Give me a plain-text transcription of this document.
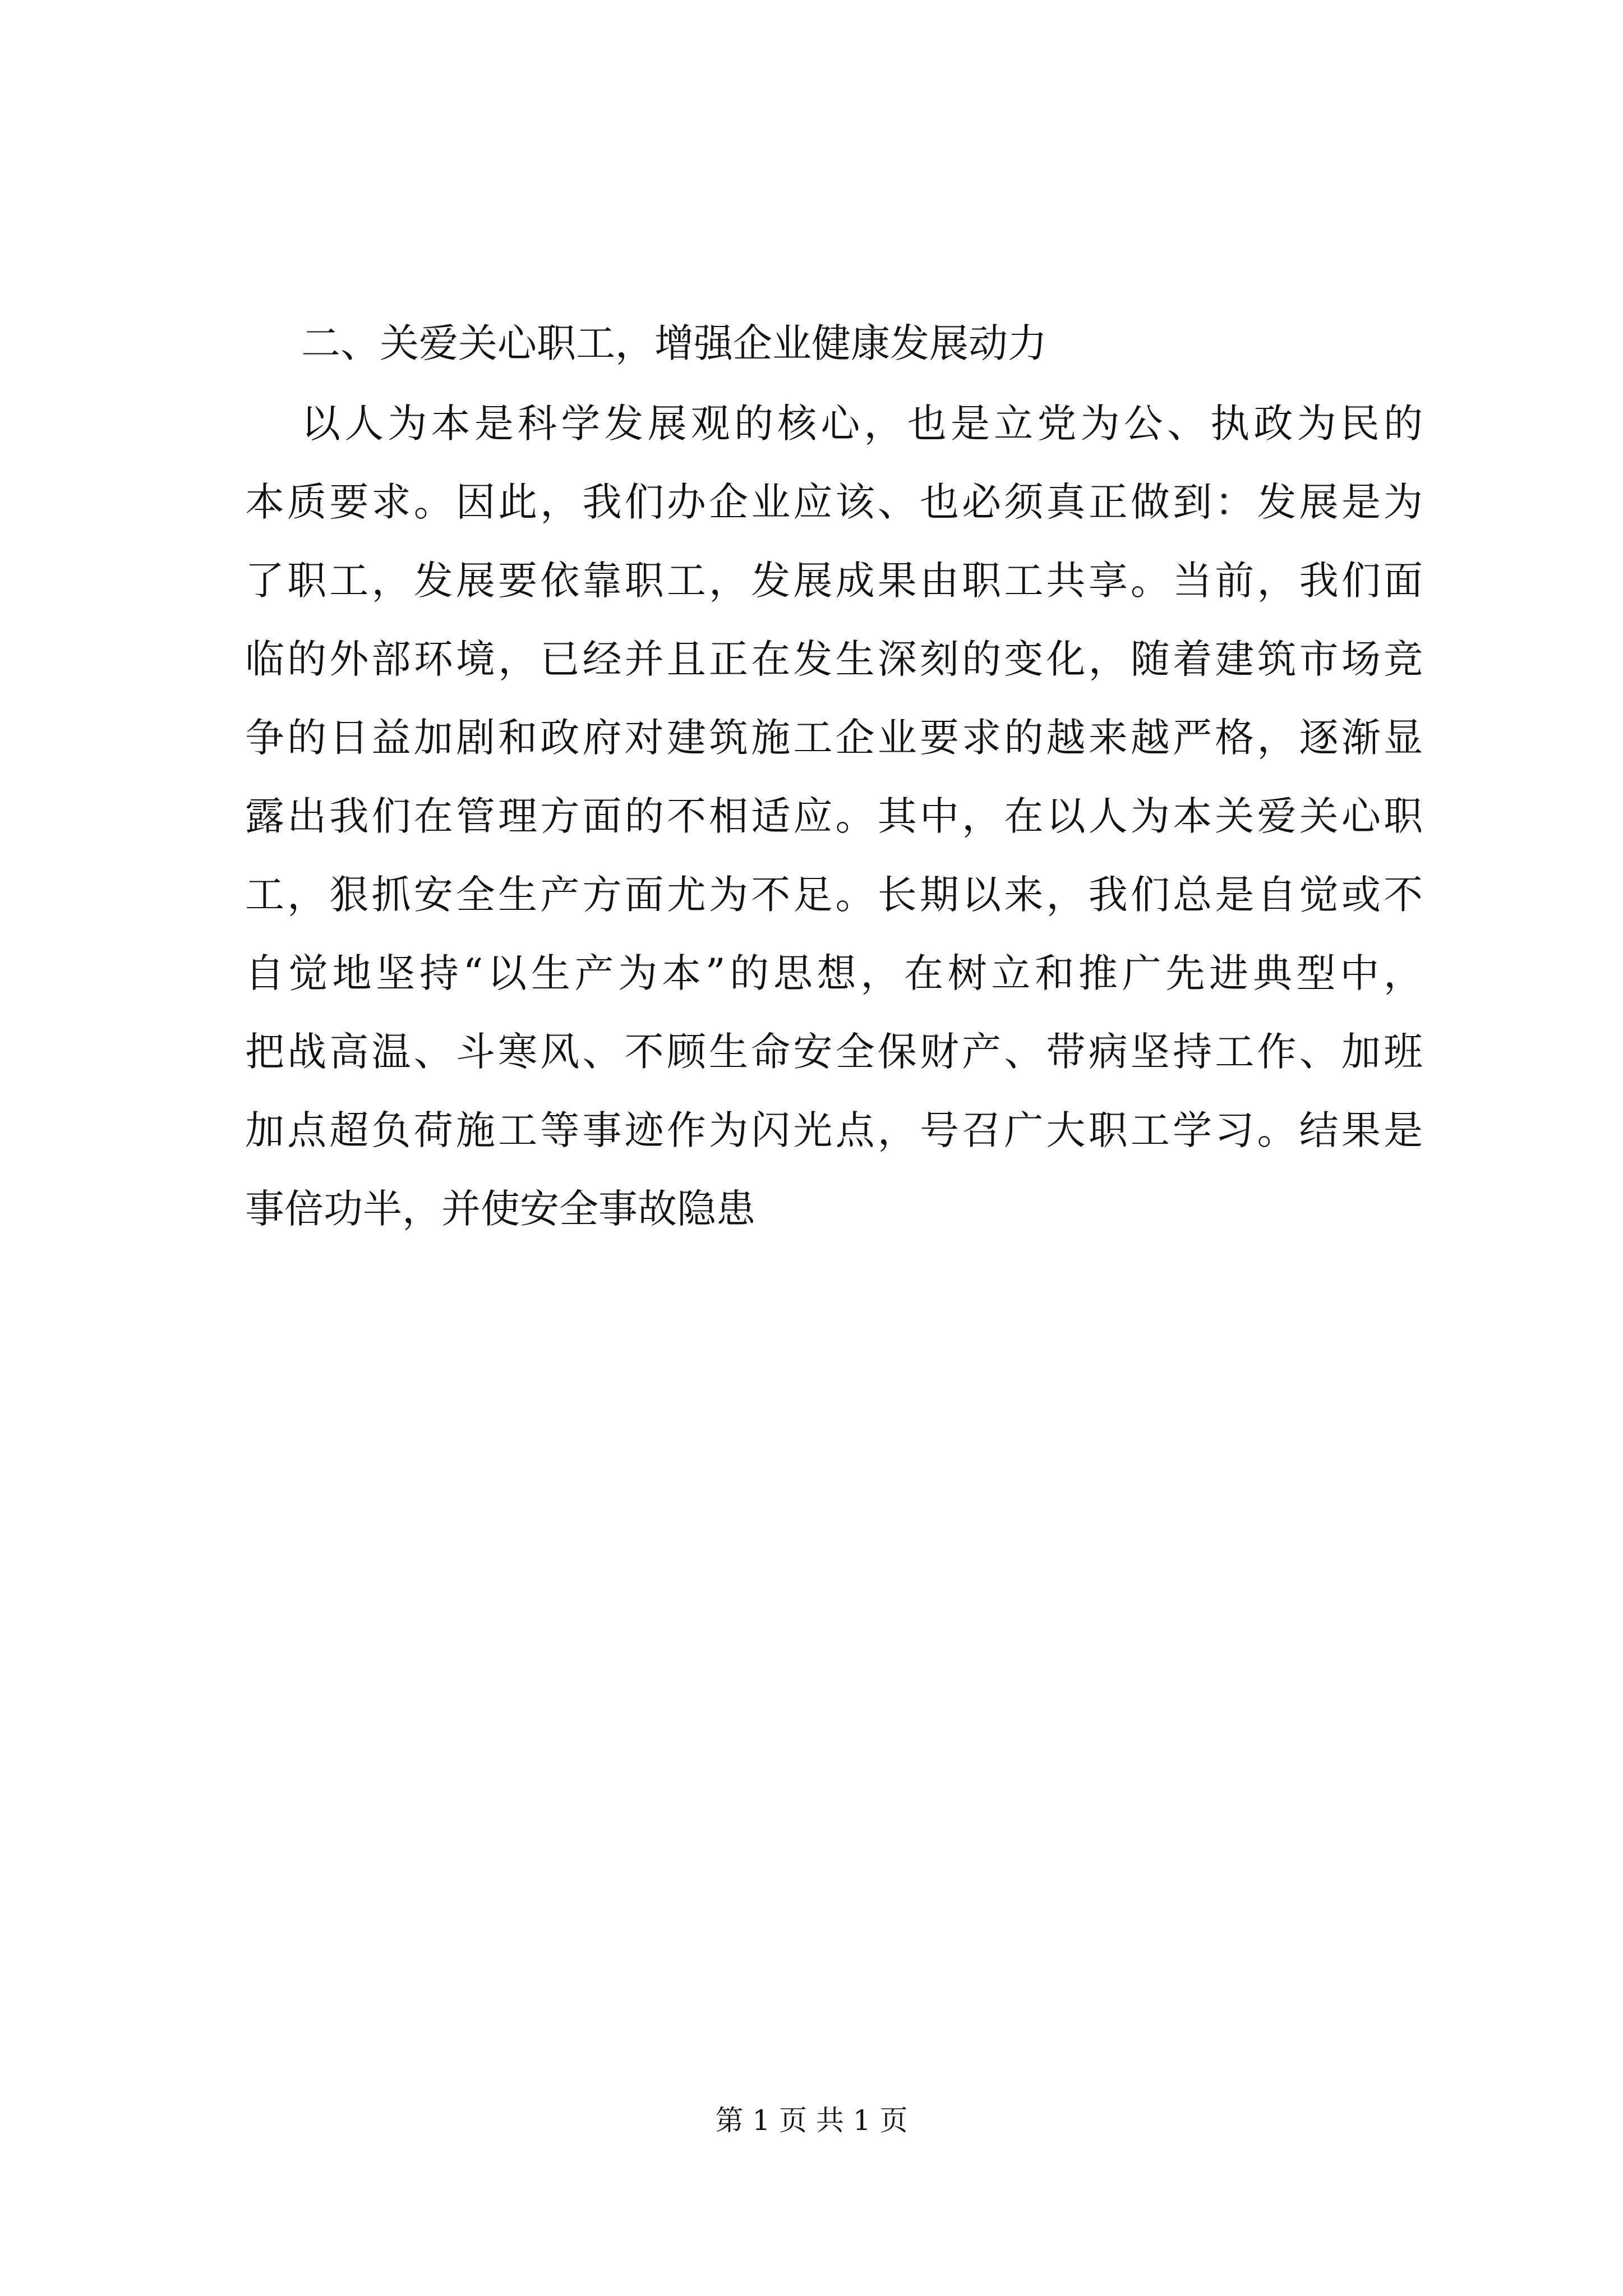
二、关爱关心职工，增强企业健康发展动力
以人为本是科学发展观的核心，也是立党为公、执政为民的
本质要求。因此，我们办企业应该、也必须真正做到：发展是为
了职工，发展要依靠职工，发展成果由职工共享。当前，我们面
临的外部环境，已经并且正在发生深刻的变化，随着建筑市场竞
争的日益加剧和政府对建筑施工企业要求的越来越严格，逐渐显
露出我们在管理方面的不相适应。其中，在以人为本关爱关心职
工，狠抓安全生产方面尤为不足。长期以来，我们总是自觉或不
自觉地坚持“以生产为本”的思想，在树立和推广先进典型中，
把战高温、斗寒风、不顾生命安全保财产、带病坚持工作、加班
加点超负荷施工等事迹作为闪光点，号召广大职工学习。结果是
事倍功半，并使安全事故隐患
第 1 页 共 1 页
